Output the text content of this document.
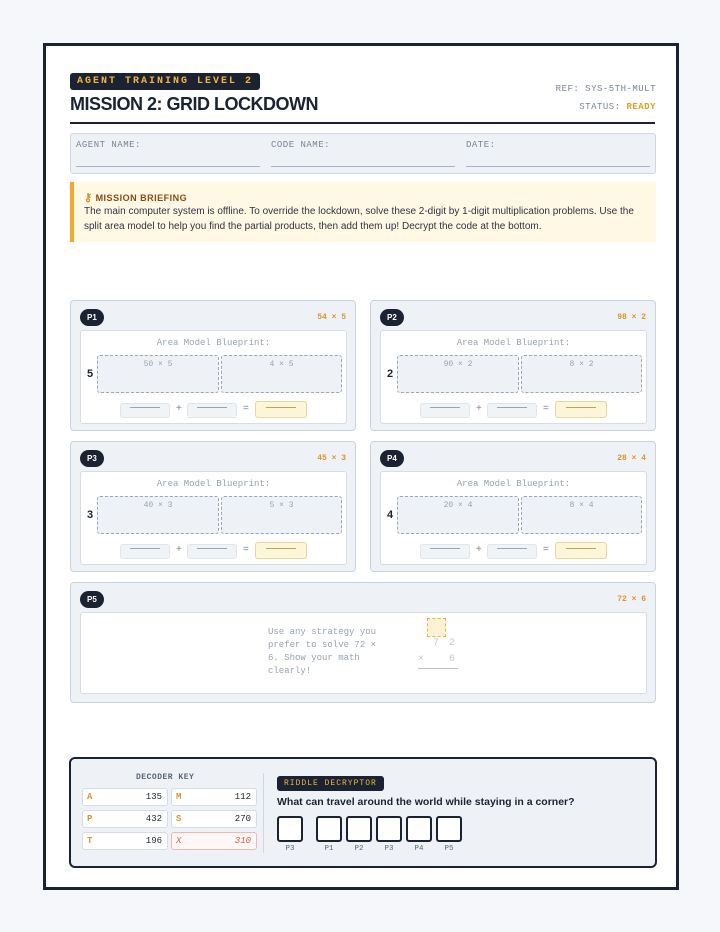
AGENT TRAINING LEVEL 2
MISSION 2: GRID LOCKDOWN
REF: SYS-5TH-MULT
STATUS: READY
AGENT NAME:	CODE NAME:	DATE:
⚷ MISSION BRIEFING
The main computer system is offline. To override the lockdown, solve these 2-digit by 1-digit multiplication problems. Use the split area model to help you find the partial products, then add them up! Decrypt the code at the bottom.
P1	54 × 5
Area Model Blueprint:
5
50 × 5	4 × 5
+	=
P2	98 × 2
Area Model Blueprint:
2
90 × 2	8 × 2
+	=
P3	45 × 3
Area Model Blueprint:
3
40 × 3	5 × 3
+	=
P4	28 × 4
Area Model Blueprint:
4
20 × 4	8 × 4
+	=
P5	72 × 6
Use any strategy you prefer to solve 72 × 6. Show your math clearly!
7 2
× 6
DECODER KEY
A	135 M	112
P	432 S	270
T	196 X	310
RIDDLE DECRYPTOR
What can travel around the world while staying in a corner?
P3	P1	P2	P3	P4	P5
